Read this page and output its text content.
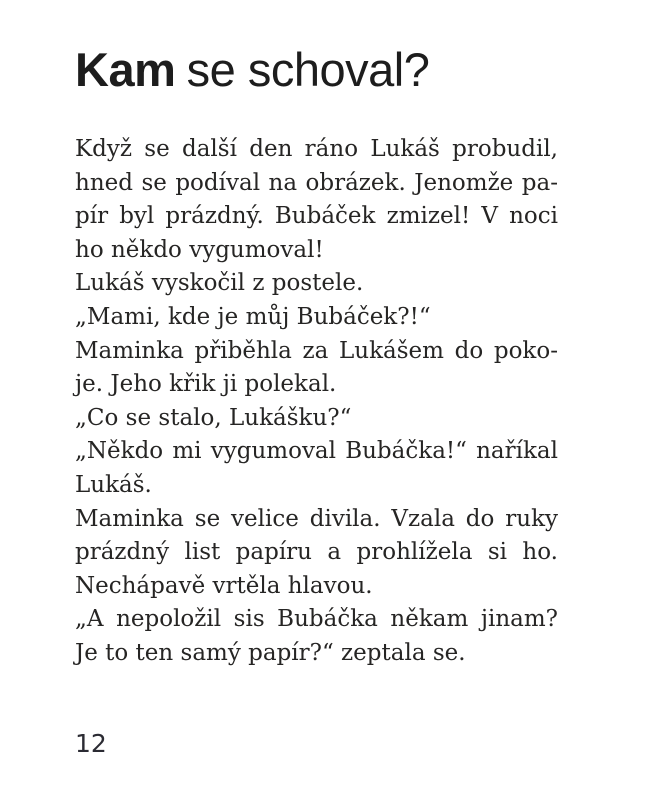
Kam se schoval?
Když se další den ráno Lukáš probudil,
hned se podíval na obrázek. Jenomže pa-
pír byl prázdný. Bubáček zmizel! V noci
ho někdo vygumoval!
Lukáš vyskočil z postele.
„Mami, kde je můj Bubáček?!“
Maminka přiběhla za Lukášem do poko-
je. Jeho křik ji polekal.
„Co se stalo, Lukášku?“
„Někdo mi vygumoval Bubáčka!“ naříkal
Lukáš.
Maminka se velice divila. Vzala do ruky
prázdný list papíru a prohlížela si ho.
Nechápavě vrtěla hlavou.
„A nepoložil sis Bubáčka někam jinam?
Je to ten samý papír?“ zeptala se.
12
